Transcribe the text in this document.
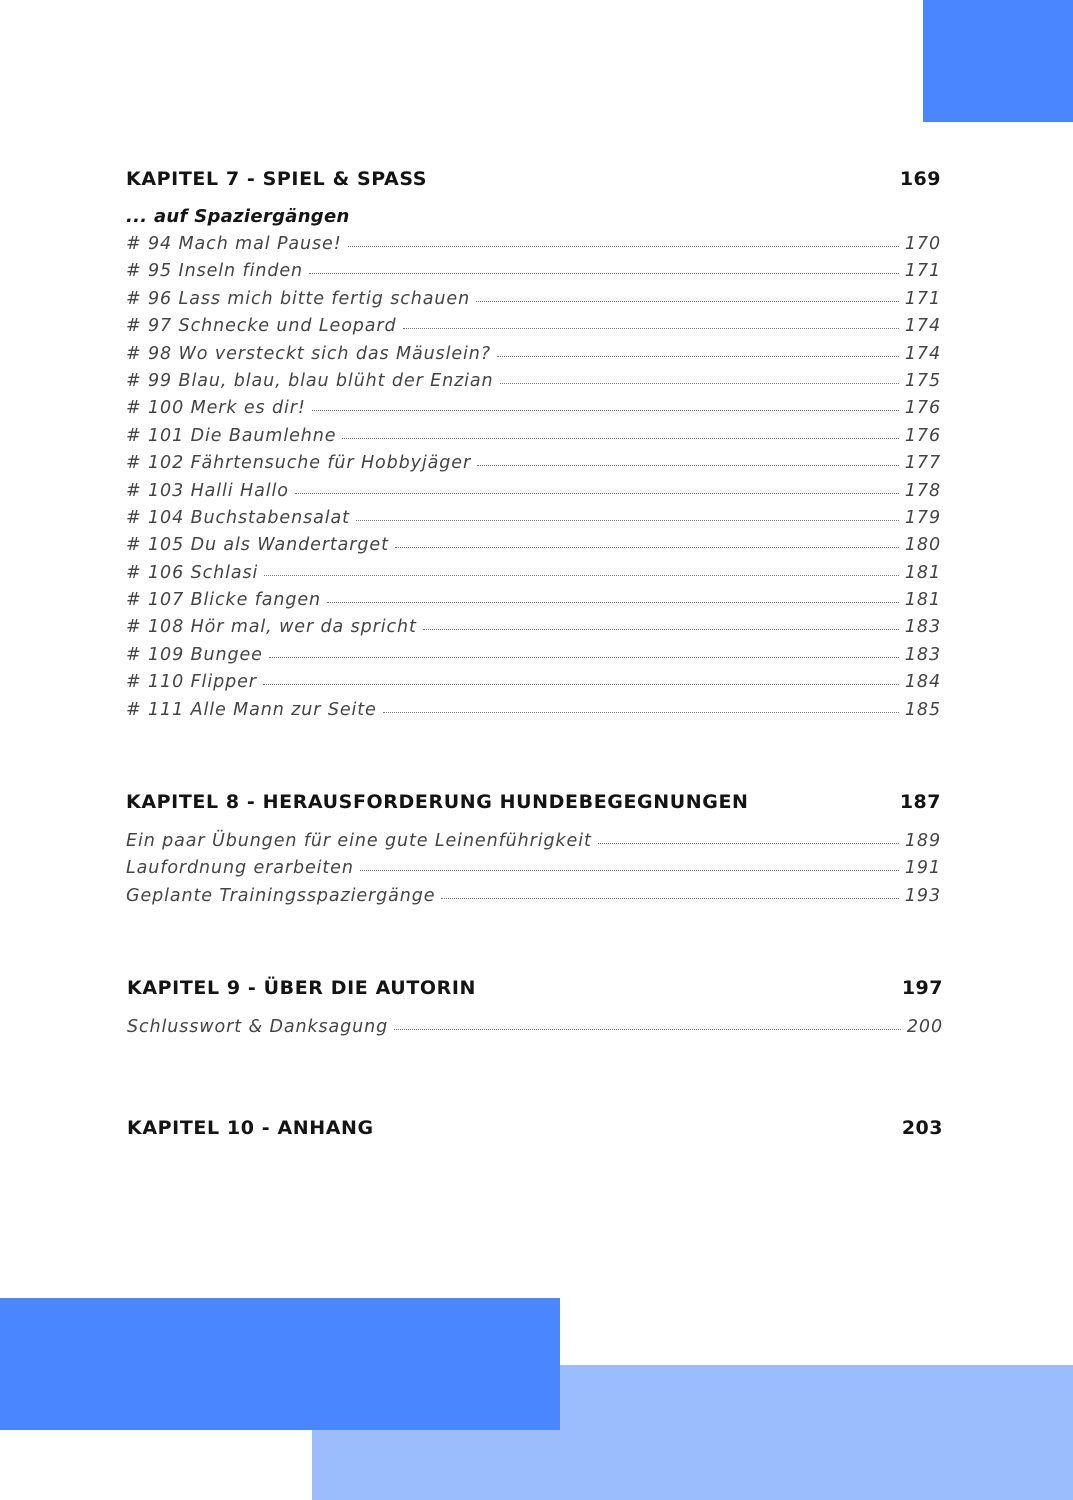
KAPITEL 7 - SPIEL & SPASS	169
... auf Spaziergängen
# 94 Mach mal Pause!	170
# 95 Inseln finden	171
# 96 Lass mich bitte fertig schauen	171
# 97 Schnecke und Leopard	174
# 98 Wo versteckt sich das Mäuslein?	174
# 99 Blau, blau, blau blüht der Enzian	175
# 100 Merk es dir!	176
# 101 Die Baumlehne	176
# 102 Fährtensuche für Hobbyjäger	177
# 103 Halli Hallo	178
# 104 Buchstabensalat	179
# 105 Du als Wandertarget	180
# 106 Schlasi	181
# 107 Blicke fangen	181
# 108 Hör mal, wer da spricht	183
# 109 Bungee	183
# 110 Flipper	184
# 111 Alle Mann zur Seite	185
KAPITEL 8 - HERAUSFORDERUNG HUNDEBEGEGNUNGEN	187
Ein paar Übungen für eine gute Leinenführigkeit	189
Laufordnung erarbeiten	191
Geplante Trainingsspaziergänge	193
KAPITEL 9 - ÜBER DIE AUTORIN	197
Schlusswort & Danksagung	200
KAPITEL 10 - ANHANG	203
